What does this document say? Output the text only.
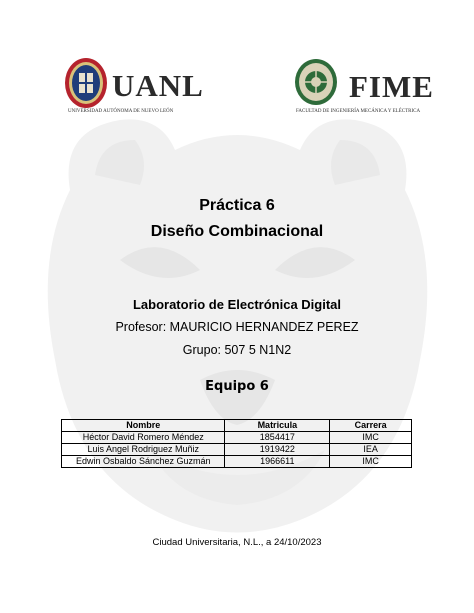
UANL
UNIVERSIDAD AUTÓNOMA DE NUEVO LEÓN
FIME
FACULTAD DE INGENIERÍA MECÁNICA Y ELÉCTRICA
Práctica 6
Diseño Combinacional
Laboratorio de Electrónica Digital
Profesor: MAURICIO HERNANDEZ PEREZ
Grupo: 507 5 N1N2
Equipo 6
Nombre	Matricula	Carrera
Héctor David Romero Méndez	1854417	IMC
Luis Angel Rodriguez Muñiz	1919422	IEA
Edwin Osbaldo Sánchez Guzmán	1966611	IMC
Ciudad Universitaria, N.L., a 24/10/2023
